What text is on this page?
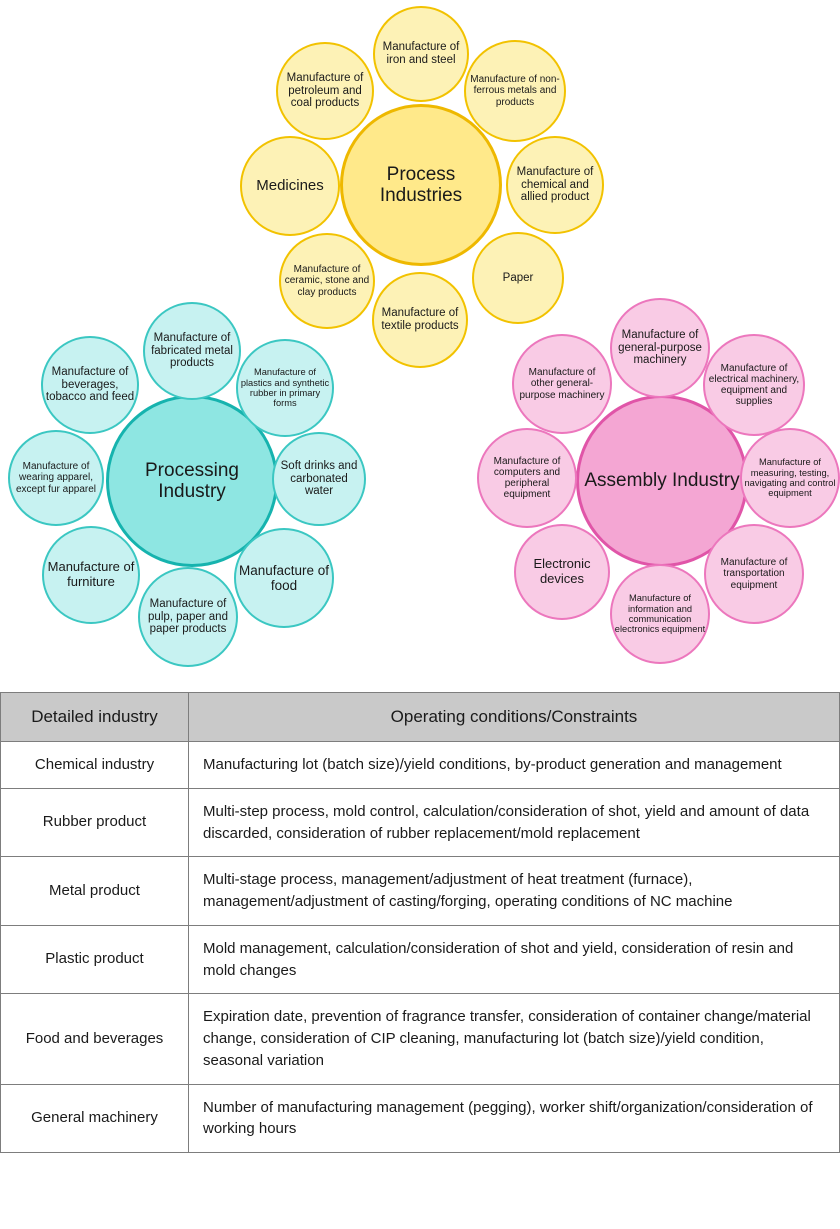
Process Industries
Manufacture of iron and steel
Manufacture of non-ferrous metals and products
Manufacture of chemical and allied product
Paper
Manufacture of textile products
Manufacture of ceramic, stone and clay products
Medicines
Manufacture of petroleum and coal products
Processing Industry
Manufacture of fabricated metal products
Manufacture of plastics and synthetic rubber in primary forms
Soft drinks and carbonated water
Manufacture of food
Manufacture of pulp, paper and paper products
Manufacture of furniture
Manufacture of wearing apparel, except fur apparel
Manufacture of beverages, tobacco and feed
Assembly Industry
Manufacture of general-purpose machinery
Manufacture of electrical machinery, equipment and supplies
Manufacture of measuring, testing, navigating and control equipment
Manufacture of transportation equipment
Manufacture of information and communication electronics equipment
Electronic devices
Manufacture of computers and peripheral equipment
Manufacture of other general-purpose machinery
Detailed industry	Operating conditions/Constraints
Chemical industry	Manufacturing lot (batch size)/yield conditions, by-product generation and management
Rubber product	Multi-step process, mold control, calculation/consideration of shot, yield and amount of data discarded, consideration of rubber replacement/mold replacement
Metal product	Multi-stage process, management/adjustment of heat treatment (furnace), management/adjustment of casting/forging, operating conditions of NC machine
Plastic product	Mold management, calculation/consideration of shot and yield, consideration of resin and mold changes
Food and beverages	Expiration date, prevention of fragrance transfer, consideration of container change/material change, consideration of CIP cleaning, manufacturing lot (batch size)/yield condition, seasonal variation
General machinery	Number of manufacturing management (pegging), worker shift/organization/consideration of working hours
